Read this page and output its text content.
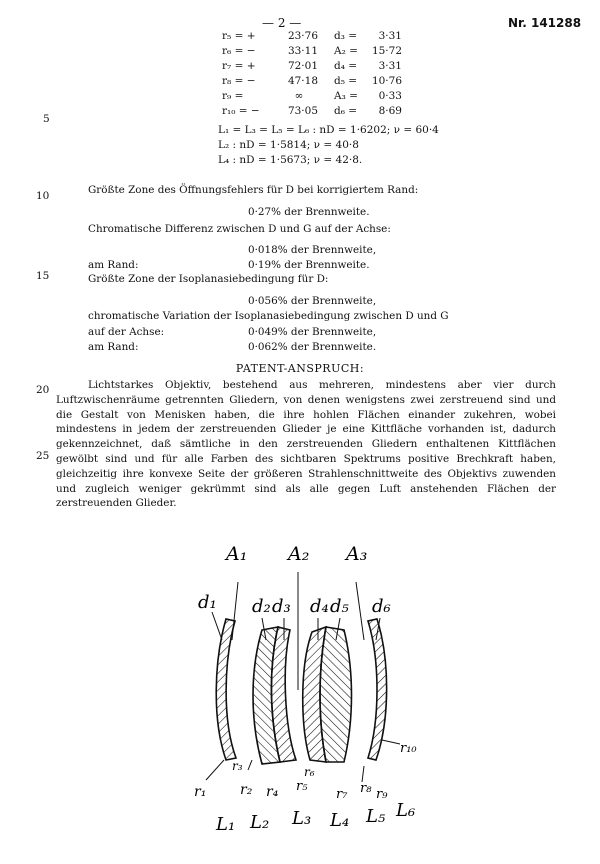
— 2 —	Nr. 141288
5
10
15
20
25
r₅ = +	23·76 d₃ =	3·31
r₆ = −	33·11 A₂ =	15·72
r₇ = +	72·01 d₄ =	3·31
r₈ = −	47·18 d₅ =	10·76
r₉ =	∞	A₃ =	0·33
r₁₀ = −	73·05 d₆ =	8·69
L₁ = L₃ = L₅ = L₆ : nD = 1·6202; ν = 60·4
L₂ : nD = 1·5814; ν = 40·8
L₄ : nD = 1·5673; ν = 42·8.
Größte Zone des Öffnungsfehlers für D bei korrigiertem Rand:
0·27% der Brennweite.
Chromatische Differenz zwischen D und G auf der Achse:
0·018% der Brennweite,
am Rand:	0·19% der Brennweite.
Größte Zone der Isoplanasiebedingung für D:
0·056% der Brennweite,
chromatische Variation der Isoplanasiebedingung zwischen D und G
auf der Achse:	0·049% der Brennweite,
am Rand:	0·062% der Brennweite.
PATENT-ANSPRUCH:
Lichtstarkes Objektiv, bestehend aus mehreren, mindestens aber vier durch Luftzwischenräume getrennten Gliedern, von denen wenigstens zwei zerstreuend sind und die Gestalt von Menisken haben, die ihre hohlen Flächen einander zukehren, wobei mindestens in jedem der zerstreuenden Glieder je eine Kittfläche vorhanden ist, dadurch gekennzeichnet, daß sämtliche in den zerstreuenden Gliedern enthaltenen Kittflächen gewölbt sind und für alle Farben des sichtbaren Spektrums positive Brechkraft haben, gleichzeitig ihre konvexe Seite der größeren Strahlenschnittweite des Objektivs zuwenden und zugleich weniger gekrümmt sind als alle gegen Luft anstehenden Flächen der zerstreuenden Glieder.
A₁ A₂ A₃
d₁ d₂ d₃ d₄ d₅ d₆
r₁ r₂
r₃
r₄ r₅
r₆
r₇ r₈ r₉
r₁₀
L₁ L₂ L₃ L₄ L₅ L₆
